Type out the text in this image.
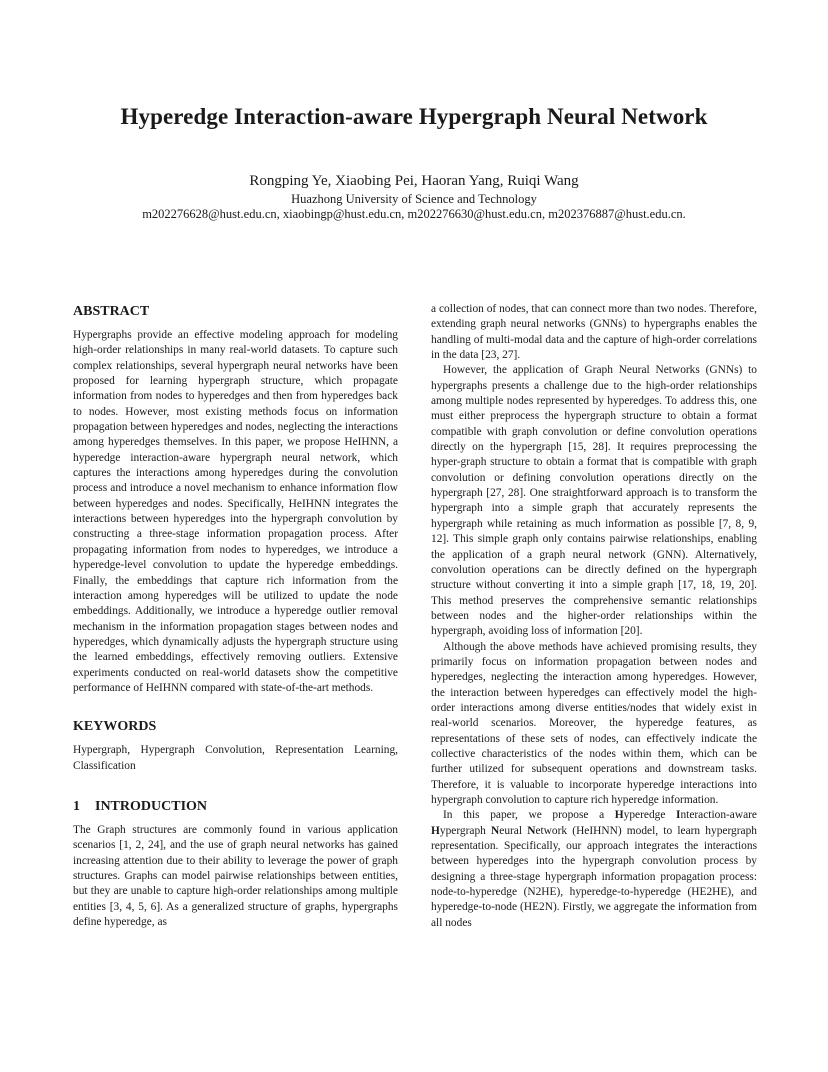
Hyperedge Interaction-aware Hypergraph Neural Network
Rongping Ye, Xiaobing Pei, Haoran Yang, Ruiqi Wang
Huazhong University of Science and Technology
m202276628@hust.edu.cn, xiaobingp@hust.edu.cn, m202276630@hust.edu.cn, m202376887@hust.edu.cn.
ABSTRACT

Hypergraphs provide an effective modeling approach for modeling high-order relationships in many real-world datasets. To capture such complex relationships, several hypergraph neural networks have been proposed for learning hypergraph structure, which propagate information from nodes to hyperedges and then from hyperedges back to nodes. However, most existing methods focus on information propagation between hyperedges and nodes, neglecting the interactions among hyperedges themselves. In this paper, we propose HeIHNN, a hyperedge interaction-aware hypergraph neural network, which captures the interactions among hyperedges during the convolution process and introduce a novel mechanism to enhance information flow between hyperedges and nodes. Specifically, HeIHNN integrates the interactions between hyperedges into the hypergraph convolution by constructing a three-stage information propagation process. After propagating information from nodes to hyperedges, we introduce a hyperedge-level convolution to update the hyperedge embeddings. Finally, the embeddings that capture rich information from the interaction among hyperedges will be utilized to update the node embeddings. Additionally, we introduce a hyperedge outlier removal mechanism in the information propagation stages between nodes and hyperedges, which dynamically adjusts the hypergraph structure using the learned embeddings, effectively removing outliers. Extensive experiments conducted on real-world datasets show the competitive performance of HeIHNN compared with state-of-the-art methods.

KEYWORDS

Hypergraph, Hypergraph Convolution, Representation Learning, Classification

1 INTRODUCTION

The Graph structures are commonly found in various application scenarios [1, 2, 24], and the use of graph neural networks has gained increasing attention due to their ability to leverage the power of graph structures. Graphs can model pairwise relationships between entities, but they are unable to capture high-order relationships among multiple entities [3, 4, 5, 6]. As a generalized structure of graphs, hypergraphs define hyperedge, as

a collection of nodes, that can connect more than two nodes. Therefore, extending graph neural networks (GNNs) to hypergraphs enables the handling of multi-modal data and the capture of high-order correlations in the data [23, 27].

However, the application of Graph Neural Networks (GNNs) to hypergraphs presents a challenge due to the high-order relationships among multiple nodes represented by hyperedges. To address this, one must either preprocess the hypergraph structure to obtain a format compatible with graph convolution or define convolution operations directly on the hypergraph [15, 28]. It requires preprocessing the hyper-graph structure to obtain a format that is compatible with graph convolution or defining convolution operations directly on the hypergraph [27, 28]. One straightforward approach is to transform the hypergraph into a simple graph that accurately represents the hypergraph while retaining as much information as possible [7, 8, 9, 12]. This simple graph only contains pairwise relationships, enabling the application of a graph neural network (GNN). Alternatively, convolution operations can be directly defined on the hypergraph structure without converting it into a simple graph [17, 18, 19, 20]. This method preserves the comprehensive semantic relationships between nodes and the higher-order relationships within the hypergraph, avoiding loss of information [20].

Although the above methods have achieved promising results, they primarily focus on information propagation between nodes and hyperedges, neglecting the interaction among hyperedges. However, the interaction between hyperedges can effectively model the high-order interactions among diverse entities/nodes that widely exist in real-world scenarios. Moreover, the hyperedge features, as representations of these sets of nodes, can effectively indicate the collective characteristics of the nodes within them, which can be further utilized for subsequent operations and downstream tasks. Therefore, it is valuable to incorporate hyperedge interactions into hypergraph convolution to capture rich hyperedge information.

In this paper, we propose a Hyperedge Interaction-aware Hypergraph Neural Network (HeIHNN) model, to learn hypergraph representation. Specifically, our approach integrates the interactions between hyperedges into the hypergraph convolution process by designing a three-stage hypergraph information propagation process: node-to-hyperedge (N2HE), hyperedge-to-hyperedge (HE2HE), and hyperedge-to-node (HE2N). Firstly, we aggregate the information from all nodes
